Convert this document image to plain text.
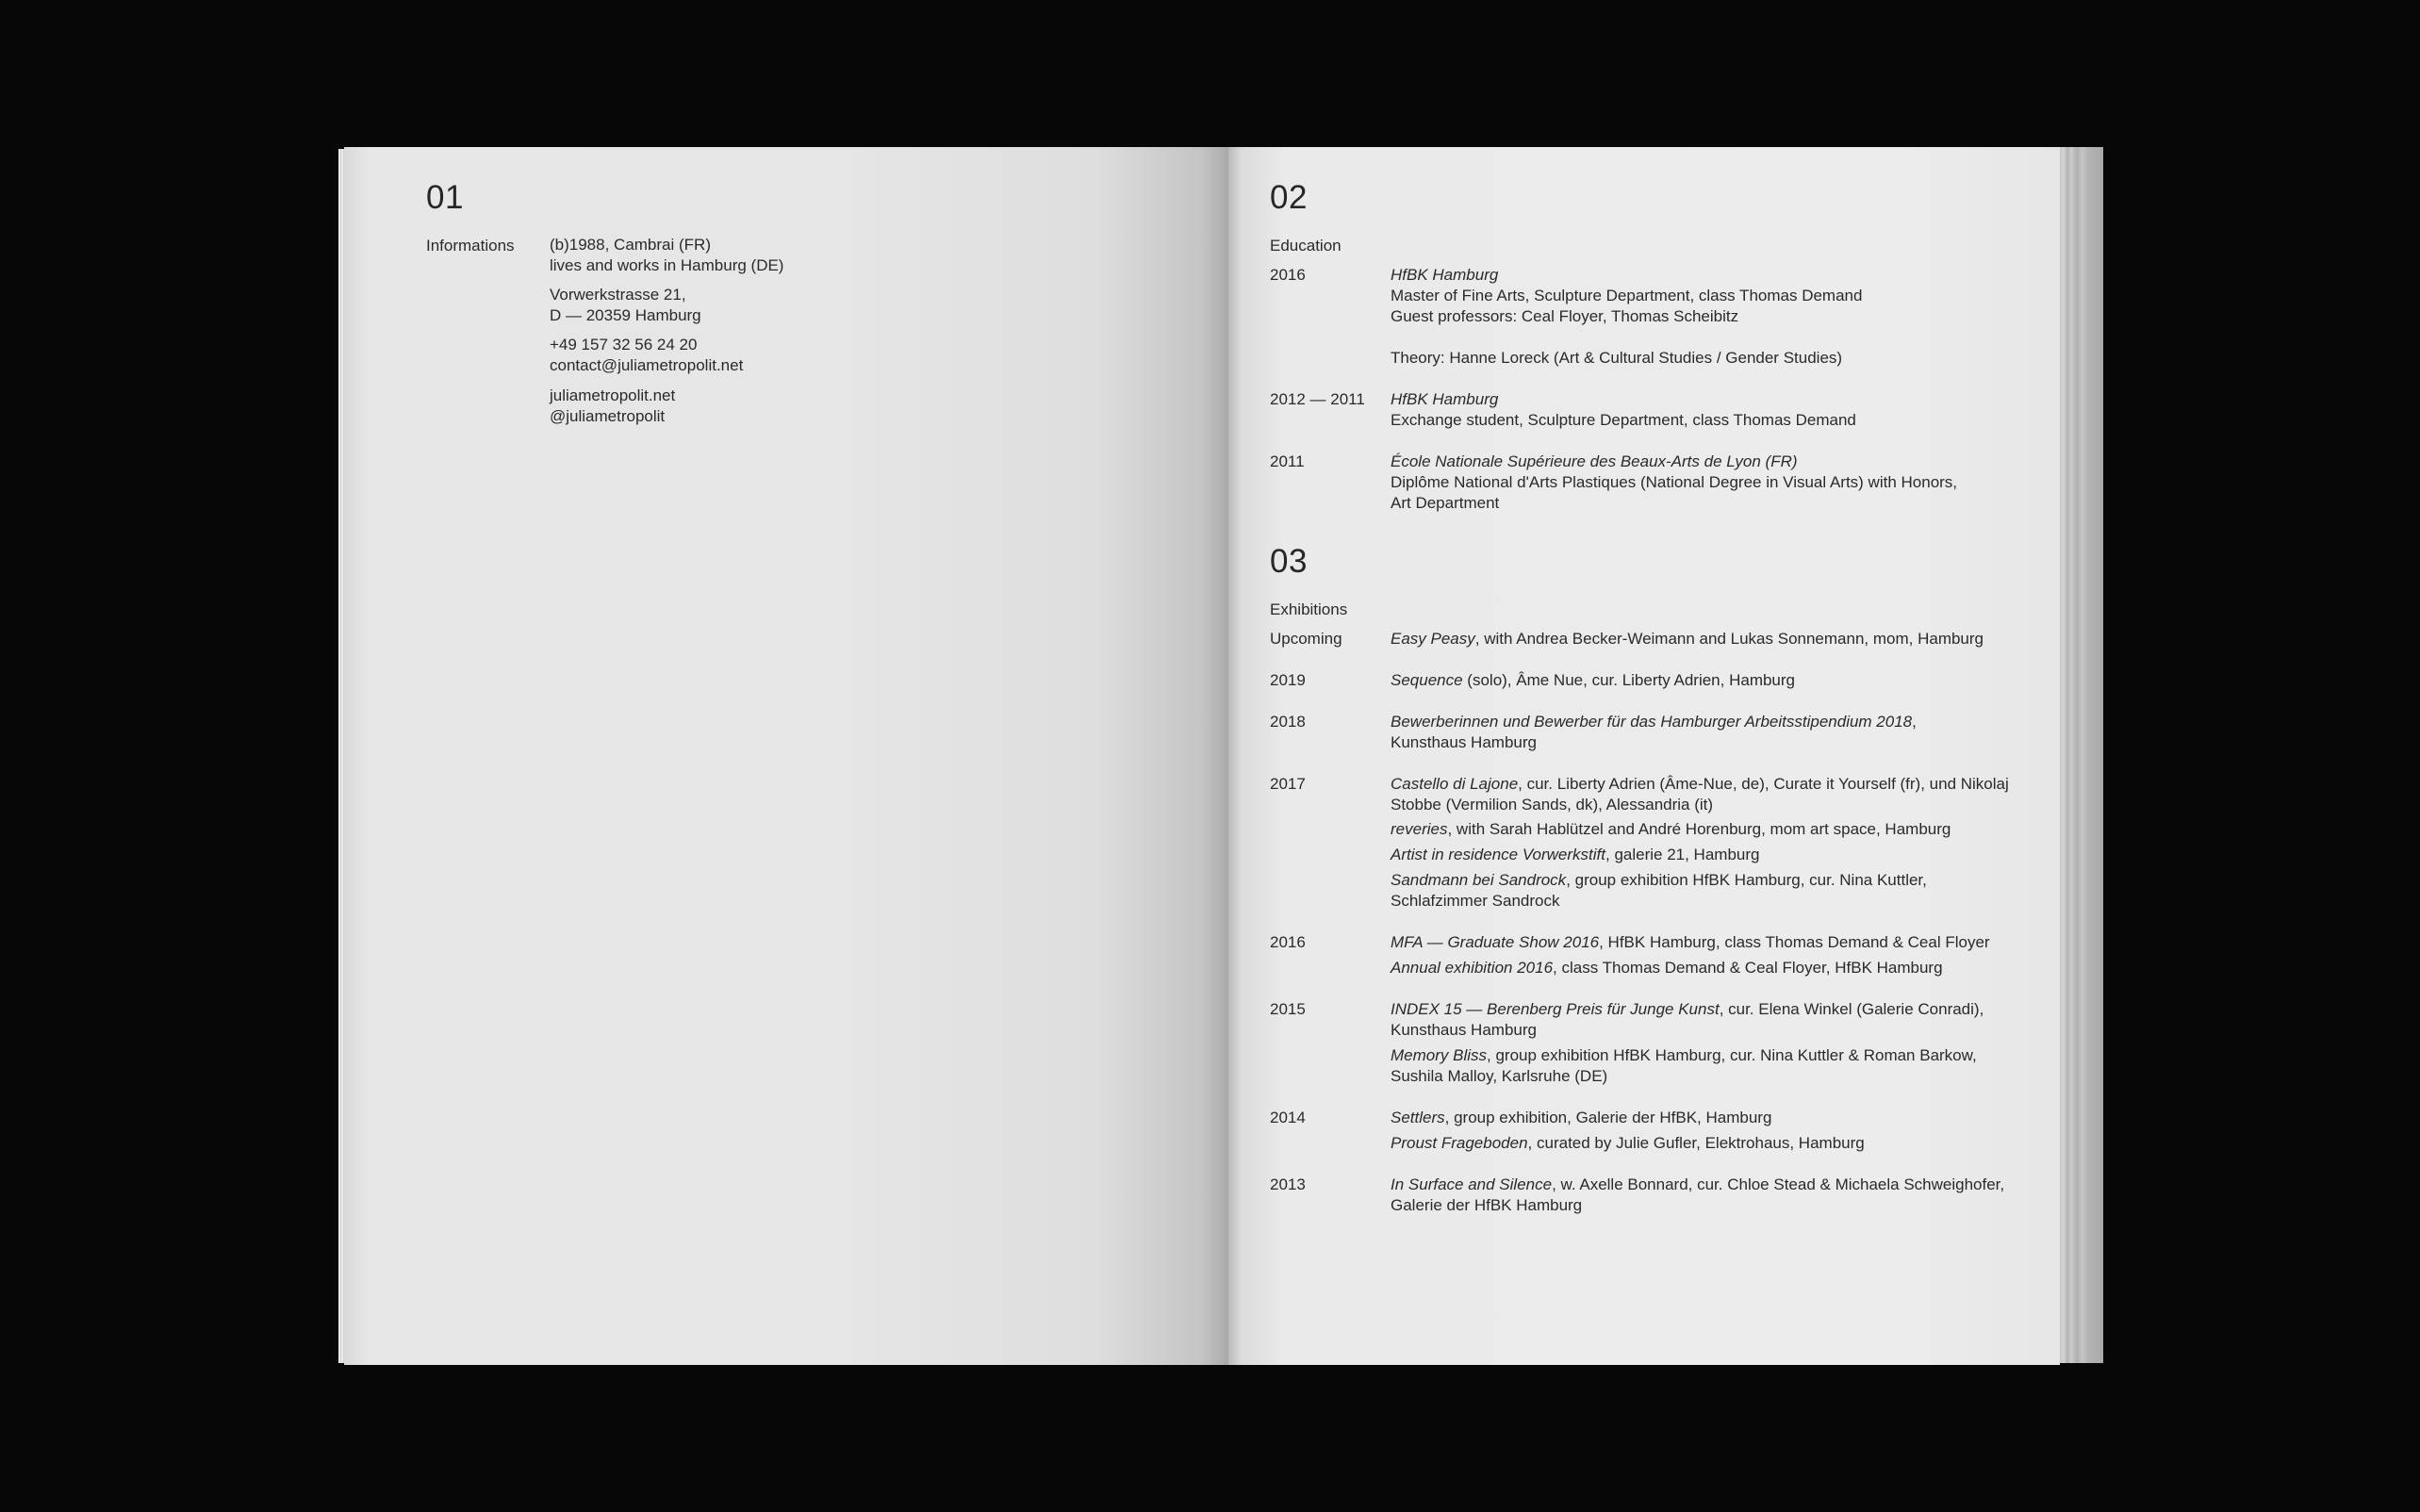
01
Informations (b)1988, Cambrai (FR)
lives and works in Hamburg (DE)
Vorwerkstrasse 21,
D — 20359 Hamburg
+49 157 32 56 24 20
contact@juliametropolit.net
juliametropolit.net
@juliametropolit
02
Education
2016	HfBK Hamburg
Master of Fine Arts, Sculpture Department, class Thomas Demand
Guest professors: Ceal Floyer, Thomas Scheibitz
Theory: Hanne Loreck (Art & Cultural Studies / Gender Studies)
2012 — 2011 HfBK Hamburg
Exchange student, Sculpture Department, class Thomas Demand
2011	École Nationale Supérieure des Beaux-Arts de Lyon (FR)
Diplôme National d'Arts Plastiques (National Degree in Visual Arts) with Honors,
Art Department
03
Exhibitions
Upcoming	Easy Peasy, with Andrea Becker-Weimann and Lukas Sonnemann, mom, Hamburg
2019	Sequence (solo), Âme Nue, cur. Liberty Adrien, Hamburg
2018	Bewerberinnen und Bewerber für das Hamburger Arbeitsstipendium 2018,
Kunsthaus Hamburg
2017	Castello di Lajone, cur. Liberty Adrien (Âme-Nue, de), Curate it Yourself (fr), und Nikolaj
Stobbe (Vermilion Sands, dk), Alessandria (it)
reveries, with Sarah Hablützel and André Horenburg, mom art space, Hamburg
Artist in residence Vorwerkstift, galerie 21, Hamburg
Sandmann bei Sandrock, group exhibition HfBK Hamburg, cur. Nina Kuttler,
Schlafzimmer Sandrock
2016	MFA — Graduate Show 2016, HfBK Hamburg, class Thomas Demand & Ceal Floyer
Annual exhibition 2016, class Thomas Demand & Ceal Floyer, HfBK Hamburg
2015	INDEX 15 — Berenberg Preis für Junge Kunst, cur. Elena Winkel (Galerie Conradi),
Kunsthaus Hamburg
Memory Bliss, group exhibition HfBK Hamburg, cur. Nina Kuttler & Roman Barkow,
Sushila Malloy, Karlsruhe (DE)
2014	Settlers, group exhibition, Galerie der HfBK, Hamburg
Proust Frageboden, curated by Julie Gufler, Elektrohaus, Hamburg
2013	In Surface and Silence, w. Axelle Bonnard, cur. Chloe Stead & Michaela Schweighofer,
Galerie der HfBK Hamburg
